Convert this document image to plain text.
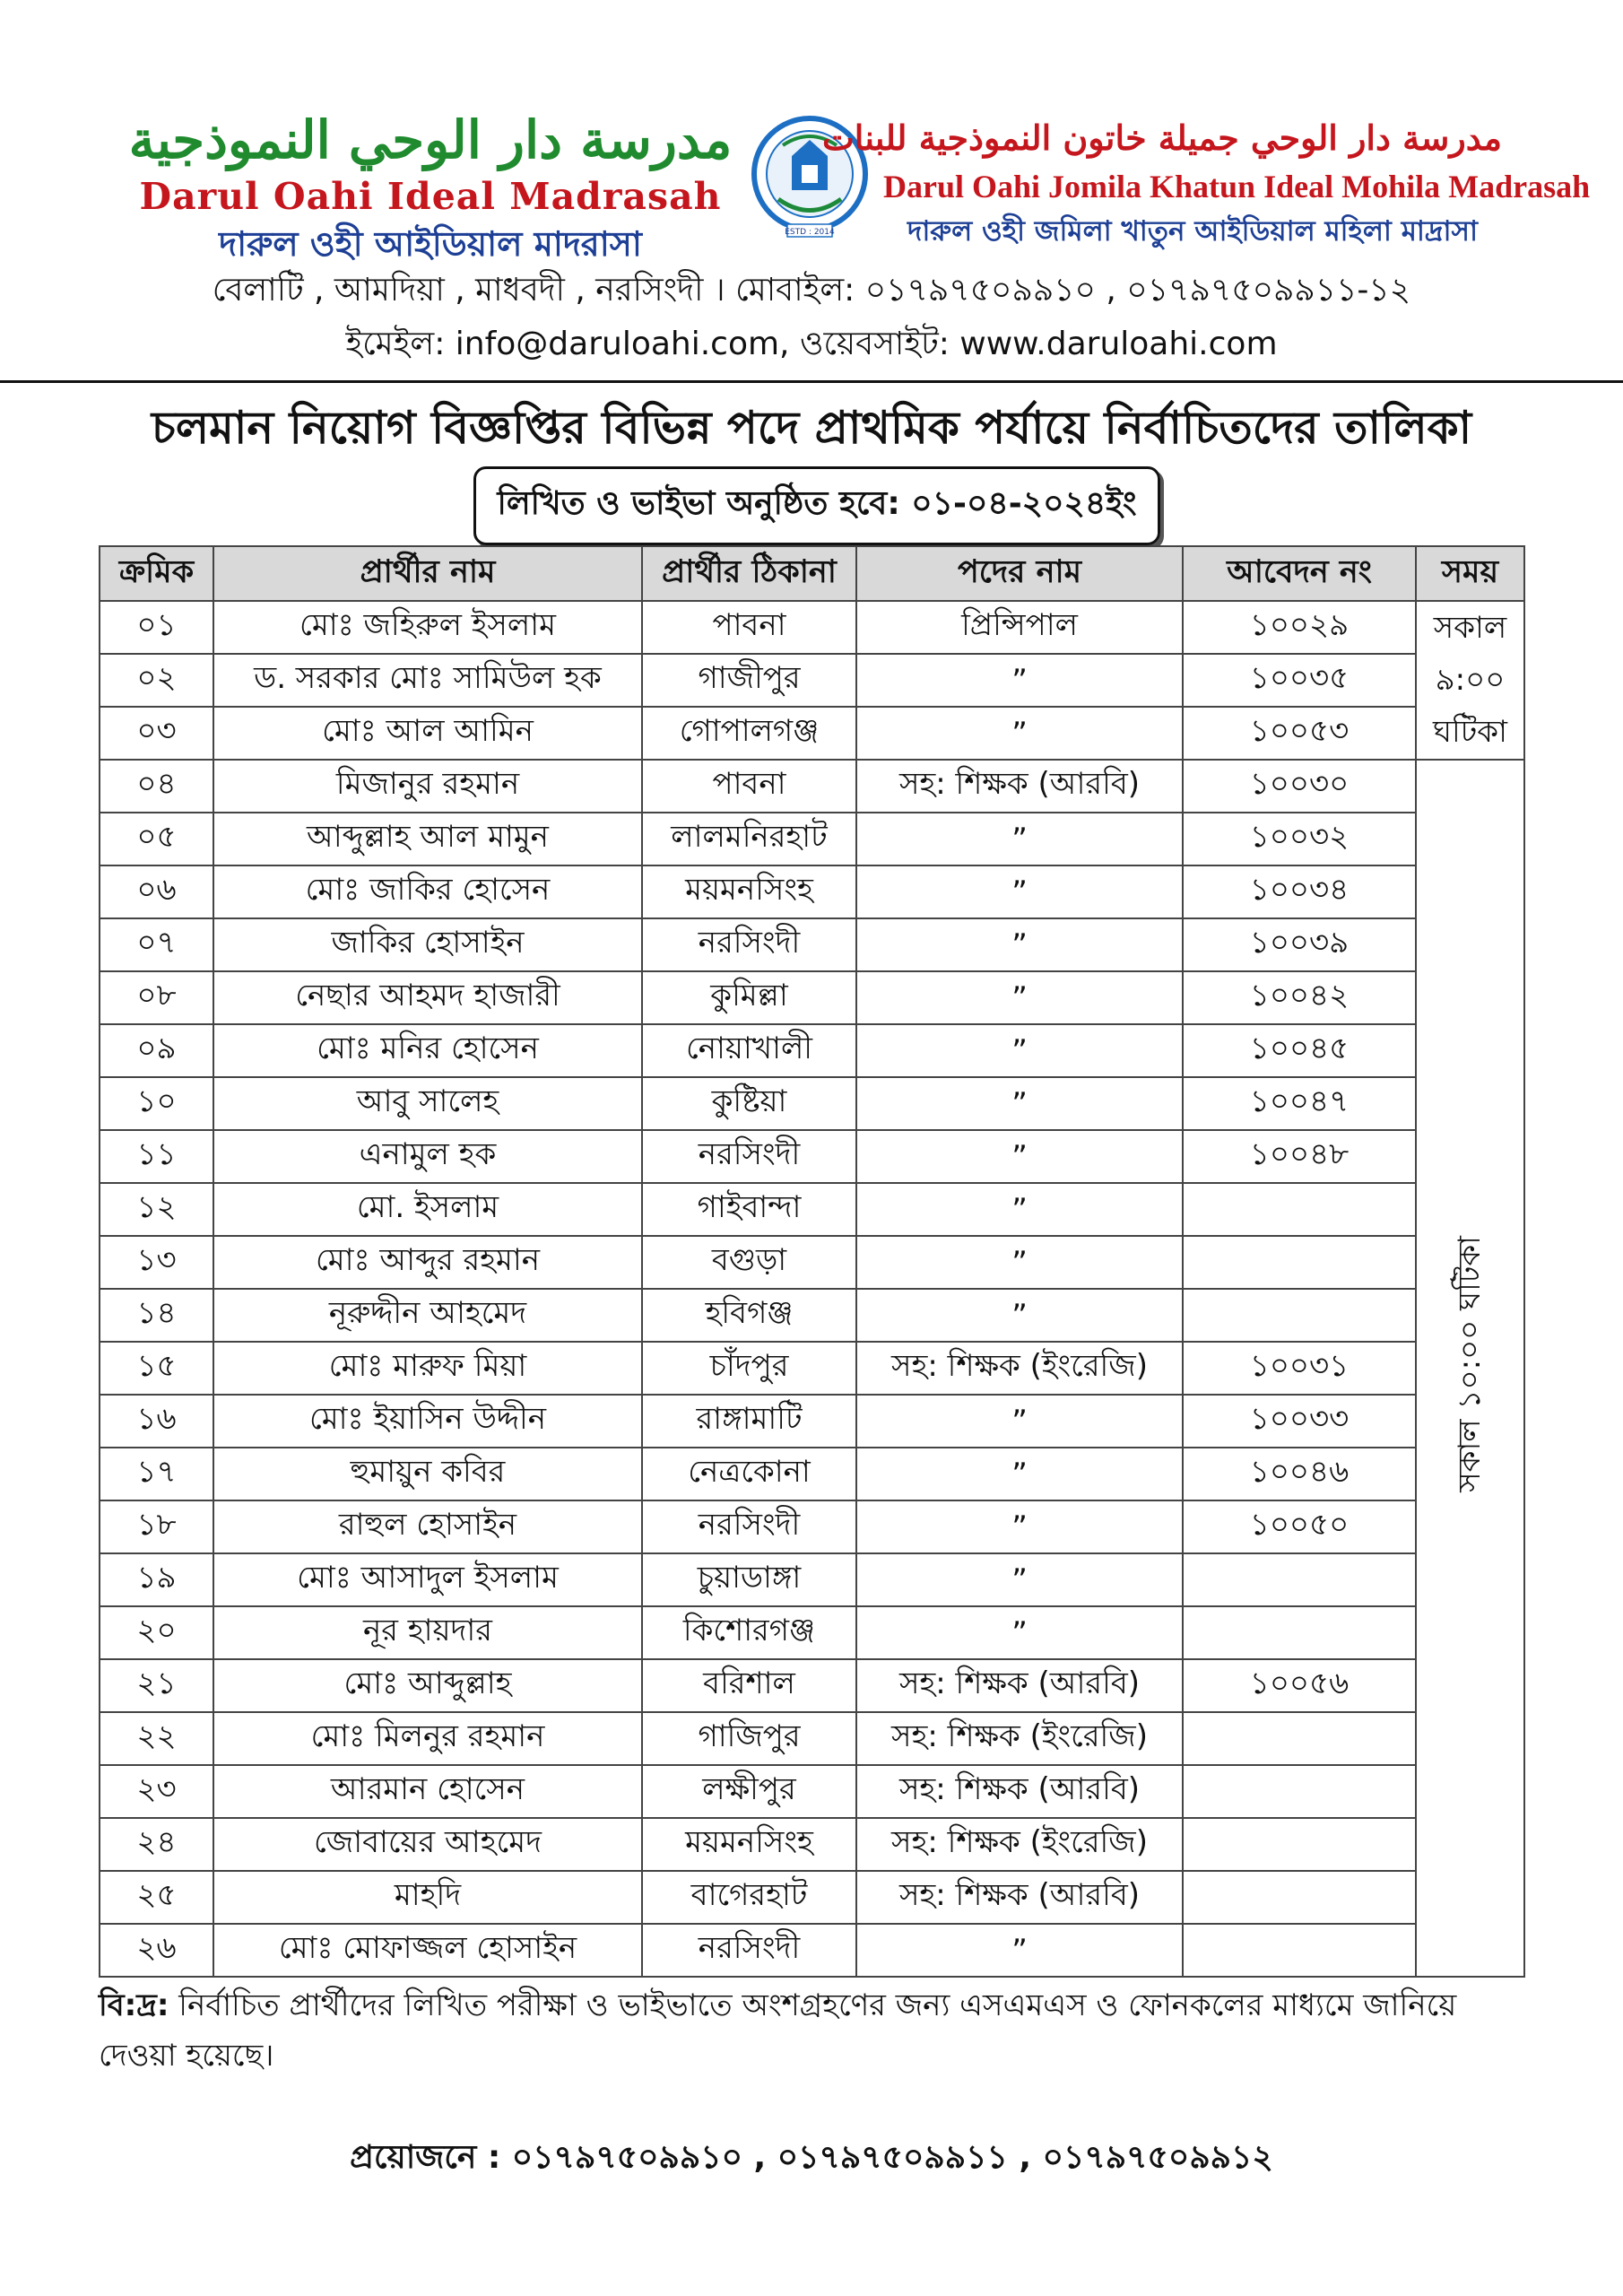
مدرسة دار الوحي النموذجية
Darul Oahi Ideal Madrasah
দারুল ওহী আইডিয়াল মাদরাসা	ESTD : 2014
مدرسة دار الوحي جميلة خاتون النموذجية للبنات
Darul Oahi Jomila Khatun Ideal Mohila Madrasah
দারুল ওহী জমিলা খাতুন আইডিয়াল মহিলা মাদ্রাসা
বেলাটি , আমদিয়া , মাধবদী , নরসিংদী । মোবাইল: ০১৭৯৭৫০৯৯১০ , ০১৭৯৭৫০৯৯১১-১২
ইমেইল: info@daruloahi.com, ওয়েবসাইট: www.daruloahi.com
চলমান নিয়োগ বিজ্ঞপ্তির বিভিন্ন পদে প্রাথমিক পর্যায়ে নির্বাচিতদের তালিকা
লিখিত ও ভাইভা অনুষ্ঠিত হবে: ০১-০৪-২০২৪ইং
ক্রমিক	প্রার্থীর নাম	প্রার্থীর ঠিকানা	পদের নাম	আবেদন নং	সময়
০১	মোঃ জহিরুল ইসলাম	পাবনা	প্রিন্সিপাল	১০০২৯	সকাল
৯:০০
ঘটিকা

০২	ড. সরকার মোঃ সামিউল হক	গাজীপুর	”	১০০৩৫	
০৩	মোঃ আল আমিন	গোপালগঞ্জ	”	১০০৫৩	
০৪	মিজানুর রহমান	পাবনা	সহ: শিক্ষক (আরবি)	১০০৩০	সকাল ১০:০০ ঘটিকা
০৫	আব্দুল্লাহ আল মামুন	লালমনিরহাট	”	১০০৩২	
০৬	মোঃ জাকির হোসেন	ময়মনসিংহ	”	১০০৩৪	
০৭	জাকির হোসাইন	নরসিংদী	”	১০০৩৯	
০৮	নেছার আহমদ হাজারী	কুমিল্লা	”	১০০৪২	
০৯	মোঃ মনির হোসেন	নোয়াখালী	”	১০০৪৫	
১০	আবু সালেহ	কুষ্টিয়া	”	১০০৪৭	
১১	এনামুল হক	নরসিংদী	”	১০০৪৮	
১২	মো. ইসলাম	গাইবান্দা	”		
১৩	মোঃ আব্দুর রহমান	বগুড়া	”		
১৪	নূরুদ্দীন আহমেদ	হবিগঞ্জ	”		
১৫	মোঃ মারুফ মিয়া	চাঁদপুর	সহ: শিক্ষক (ইংরেজি)	১০০৩১	
১৬	মোঃ ইয়াসিন উদ্দীন	রাঙ্গামাটি	”	১০০৩৩	
১৭	হুমায়ুন কবির	নেত্রকোনা	”	১০০৪৬	
১৮	রাহুল হোসাইন	নরসিংদী	”	১০০৫০	
১৯	মোঃ আসাদুল ইসলাম	চুয়াডাঙ্গা	”		
২০	নূর হায়দার	কিশোরগঞ্জ	”		
২১	মোঃ আব্দুল্লাহ	বরিশাল	সহ: শিক্ষক (আরবি)	১০০৫৬	
২২	মোঃ মিলনুর রহমান	গাজিপুর	সহ: শিক্ষক (ইংরেজি)		
২৩	আরমান হোসেন	লক্ষীপুর	সহ: শিক্ষক (আরবি)		
২৪	জোবায়ের আহমেদ	ময়মনসিংহ	সহ: শিক্ষক (ইংরেজি)		
২৫	মাহদি	বাগেরহাট	সহ: শিক্ষক (আরবি)		
২৬	মোঃ মোফাজ্জল হোসাইন	নরসিংদী	”		
বি:দ্র: নির্বাচিত প্রার্থীদের লিখিত পরীক্ষা ও ভাইভাতে অংশগ্রহণের জন্য এসএমএস ও ফোনকলের মাধ্যমে জানিয়ে দেওয়া হয়েছে।
প্রয়োজনে : ০১৭৯৭৫০৯৯১০ , ০১৭৯৭৫০৯৯১১ , ০১৭৯৭৫০৯৯১২
